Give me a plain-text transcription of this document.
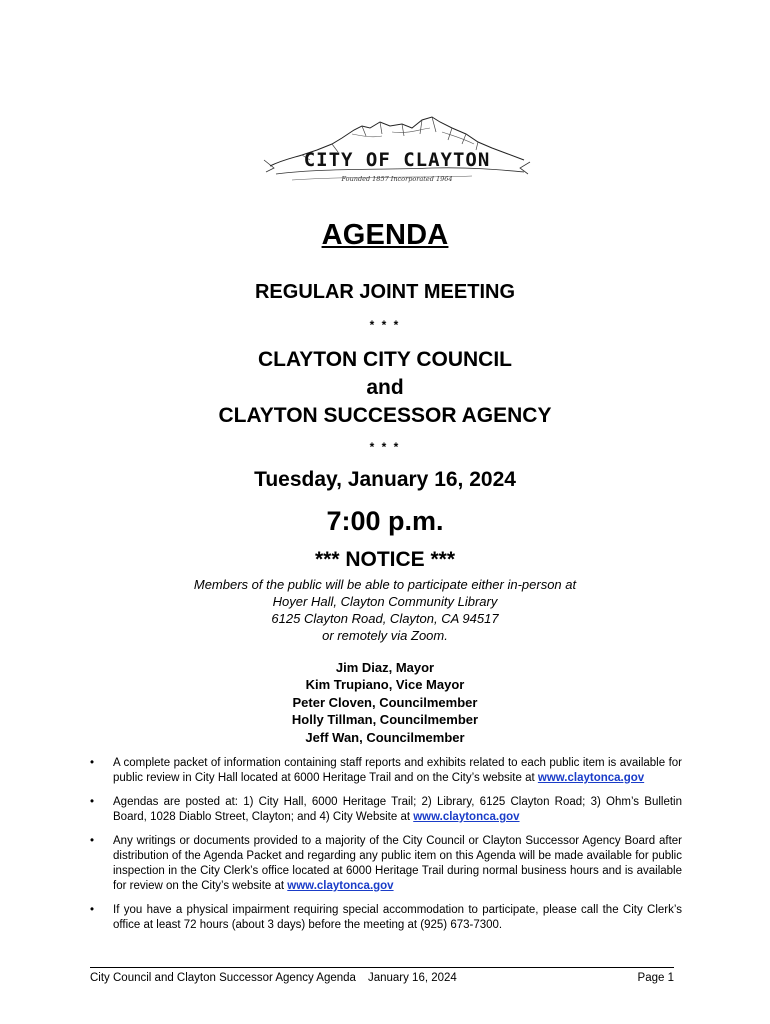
CITY OF CLAYTON
Founded 1857 Incorporated 1964
AGENDA
REGULAR JOINT MEETING
* * *
CLAYTON CITY COUNCIL
and
CLAYTON SUCCESSOR AGENCY
* * *
Tuesday, January 16, 2024
7:00 p.m.
*** NOTICE ***
Members of the public will be able to participate either in-person at
Hoyer Hall, Clayton Community Library
6125 Clayton Road, Clayton, CA 94517
or remotely via Zoom.
Jim Diaz, Mayor
Kim Trupiano, Vice Mayor
Peter Cloven, Councilmember
Holly Tillman, Councilmember
Jeff Wan, Councilmember
• A complete packet of information containing staff reports and exhibits related to each public item is available for public review in City Hall located at 6000 Heritage Trail and on the City’s website at www.claytonca.gov
• Agendas are posted at: 1) City Hall, 6000 Heritage Trail; 2) Library, 6125 Clayton Road; 3) Ohm’s Bulletin Board, 1028 Diablo Street, Clayton; and 4) City Website at www.claytonca.gov
• Any writings or documents provided to a majority of the City Council or Clayton Successor Agency Board after distribution of the Agenda Packet and regarding any public item on this Agenda will be made available for public inspection in the City Clerk’s office located at 6000 Heritage Trail during normal business hours and is available for review on the City’s website at www.claytonca.gov
• If you have a physical impairment requiring special accommodation to participate, please call the City Clerk’s office at least 72 hours (about 3 days) before the meeting at (925) 673-7300.
City Council and Clayton Successor Agency Agenda January 16, 2024	Page 1
